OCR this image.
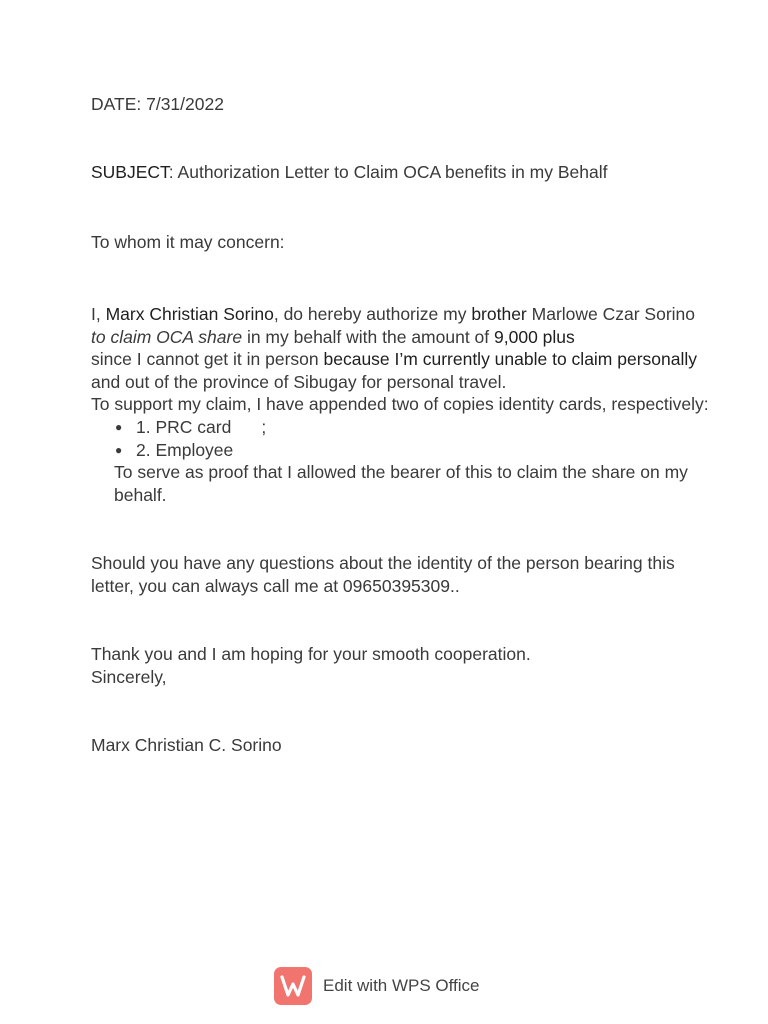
DATE: 7/31/2022
SUBJECT: Authorization Letter to Claim OCA benefits in my Behalf
To whom it may concern:
I, Marx Christian Sorino, do hereby authorize my brother Marlowe Czar Sorino to claim OCA share in my behalf with the amount of 9,000 plus
since I cannot get it in person because I’m currently unable to claim personally and out of the province of Sibugay for personal travel.
To support my claim, I have appended two of copies identity cards, respectively:
● 1. PRC card ;
● 2. Employee
To serve as proof that I allowed the bearer of this to claim the share on my behalf.
Should you have any questions about the identity of the person bearing this letter, you can always call me at 09650395309..
Thank you and I am hoping for your smooth cooperation.
Sincerely,
Marx Christian C. Sorino
Edit with WPS Office
